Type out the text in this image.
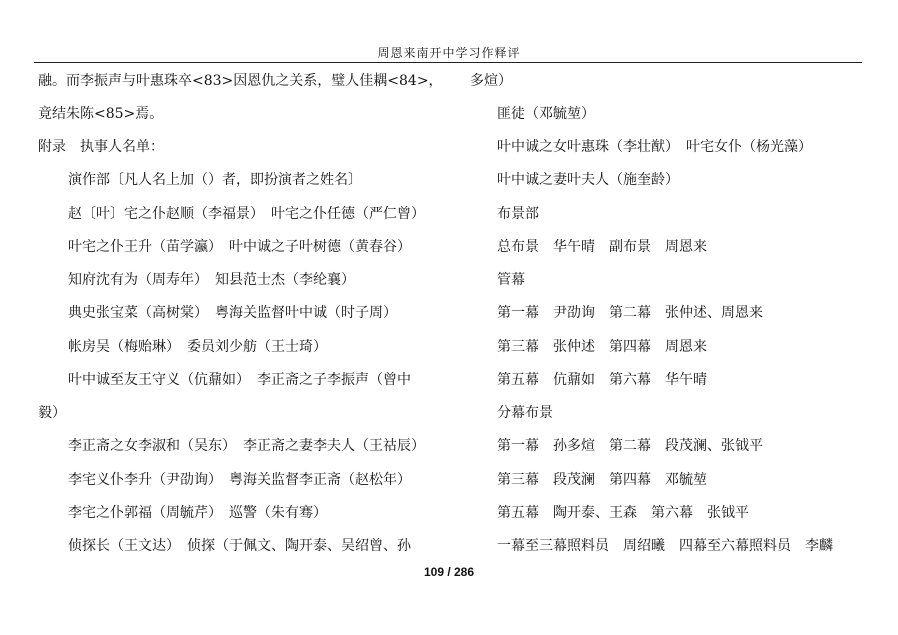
周恩来南开中学习作释评
融。而李振声与叶惠珠卒<83>因恩仇之关系，璧人佳耦<84>，
竟结朱陈<85>焉。
附录　执事人名单：
演作部〔凡人名上加（）者，即扮演者之姓名〕
赵〔叶〕宅之仆赵顺（李福景）　叶宅之仆任德（严仁曾）
叶宅之仆王升（苗学瀛）　叶中诚之子叶树德（黄春谷）
知府沈有为（周寿年）　知县范士杰（李纶襄）
典史张宝菜（高树棠）　粤海关监督叶中诚（时子周）
帐房吴（梅贻琳）　委员刘少舫（王士琦）
叶中诚至友王守义（伉鼐如）　李正斋之子李振声（曾中
毅）
李正斋之女李淑和（吴东）　李正斋之妻李夫人（王祜辰）
李宅义仆李升（尹劭询）　粤海关监督李正斋（赵松年）
李宅之仆郭福（周毓芹）　巡警（朱有骞）
侦探长（王文达）　侦探（于佩文、陶开泰、吴绍曾、孙
多煊）
匪徒（邓毓堃）
叶中诚之女叶惠珠（李壮猷）　叶宅女仆（杨光藻）
叶中诚之妻叶夫人（施奎龄）
布景部
总布景　华午晴　副布景　周恩来
管幕
第一幕　尹劭询　第二幕　张仲述、周恩来
第三幕　张仲述　第四幕　周恩来
第五幕　伉鼐如　第六幕　华午晴
分幕布景
第一幕　孙多煊　第二幕　段茂澜、张钺平
第三幕　段茂澜　第四幕　邓毓堃
第五幕　陶开泰、王森　第六幕　张钺平
一幕至三幕照料员　周绍曦　四幕至六幕照料员　李麟
109 / 286
